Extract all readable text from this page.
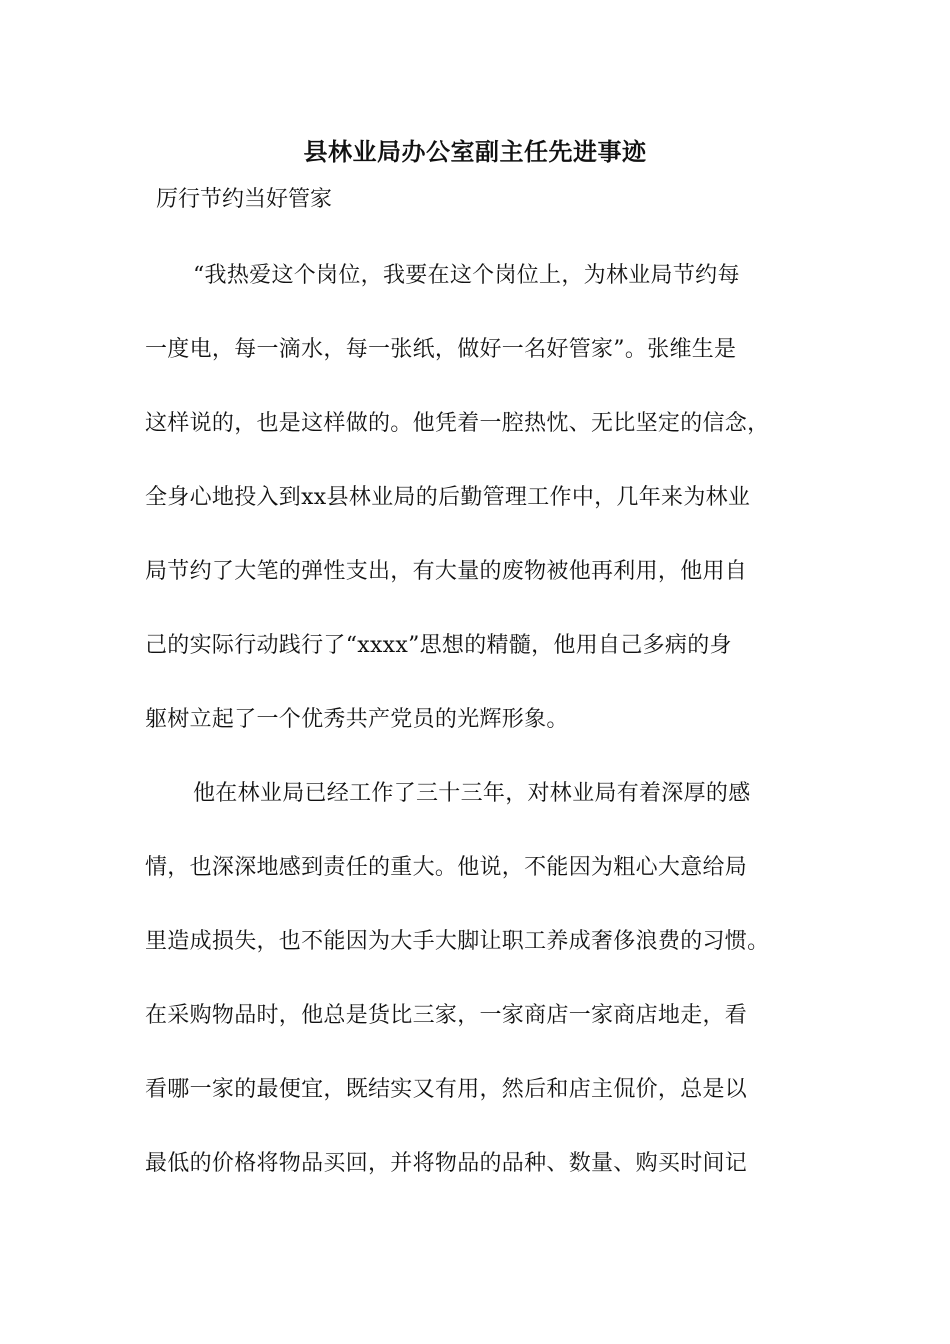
县林业局办公室副主任先进事迹
厉行节约当好管家
“我热爱这个岗位，我要在这个岗位上，为林业局节约每
一度电，每一滴水，每一张纸，做好一名好管家”。张维生是
这样说的，也是这样做的。他凭着一腔热忱、无比坚定的信念，
全身心地投入到xx县林业局的后勤管理工作中，几年来为林业
局节约了大笔的弹性支出，有大量的废物被他再利用，他用自
己的实际行动践行了“xxxx”思想的精髓，他用自己多病的身
躯树立起了一个优秀共产党员的光辉形象。
他在林业局已经工作了三十三年，对林业局有着深厚的感
情，也深深地感到责任的重大。他说，不能因为粗心大意给局
里造成损失，也不能因为大手大脚让职工养成奢侈浪费的习惯。
在采购物品时，他总是货比三家，一家商店一家商店地走，看
看哪一家的最便宜，既结实又有用，然后和店主侃价，总是以
最低的价格将物品买回，并将物品的品种、数量、购买时间记
